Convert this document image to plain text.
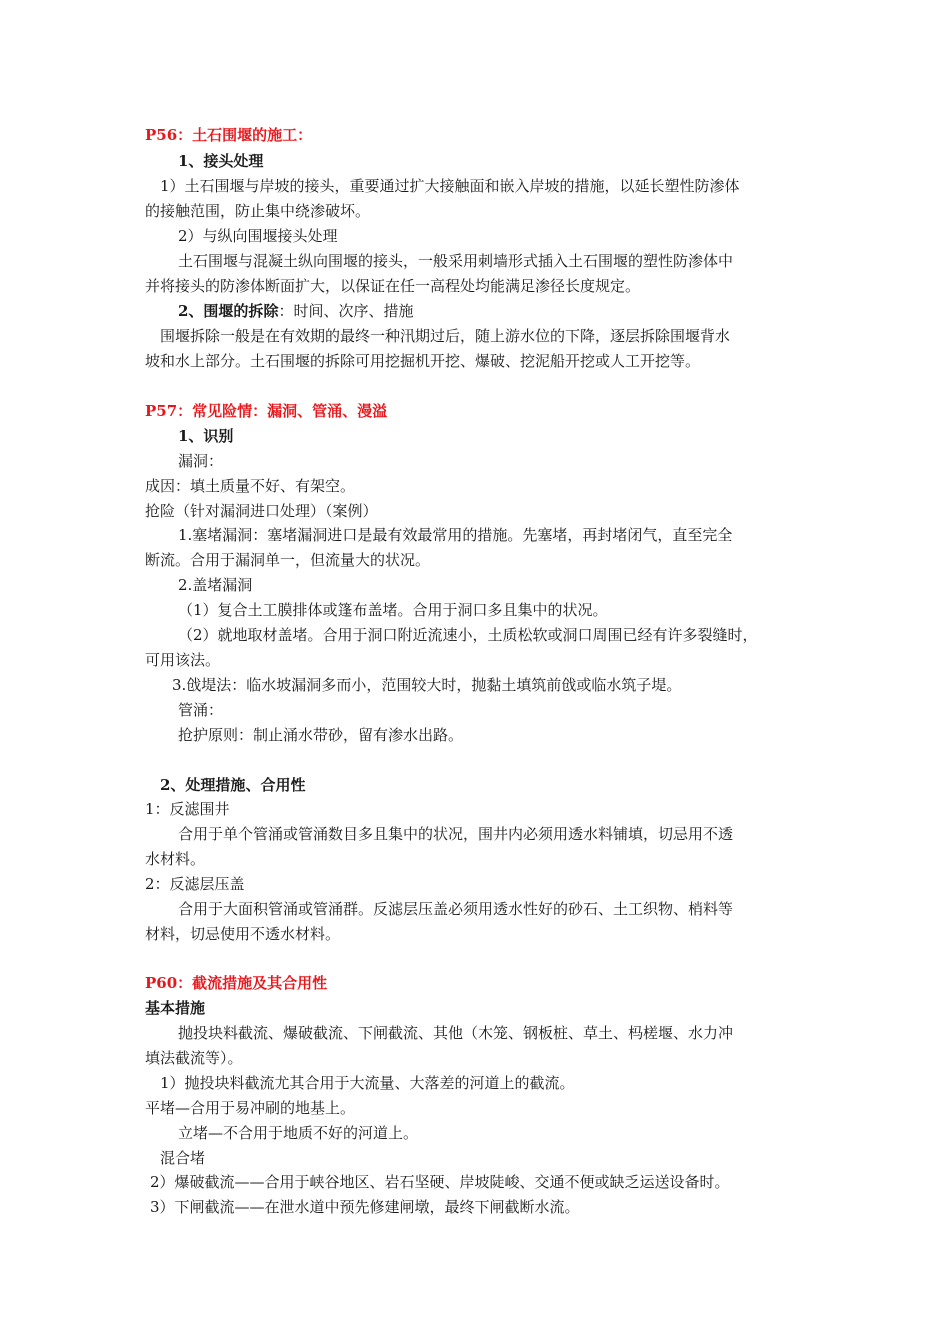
P56：土石围堰的施工：
1、接头处理
1）土石围堰与岸坡的接头，重要通过扩大接触面和嵌入岸坡的措施，以延长塑性防渗体
的接触范围，防止集中绕渗破坏。
2）与纵向围堰接头处理
土石围堰与混凝土纵向围堰的接头，一般采用刺墙形式插入土石围堰的塑性防渗体中
并将接头的防渗体断面扩大，以保证在任一高程处均能满足渗径长度规定。
2、围堰的拆除：时间、次序、措施
围堰拆除一般是在有效期的最终一种汛期过后，随上游水位的下降，逐层拆除围堰背水
坡和水上部分。土石围堰的拆除可用挖掘机开挖、爆破、挖泥船开挖或人工开挖等。
P57：常见险情：漏洞、管涌、漫溢
1、识别
漏洞：
成因：填土质量不好、有架空。
抢险（针对漏洞进口处理）（案例）
1.塞堵漏洞：塞堵漏洞进口是最有效最常用的措施。先塞堵，再封堵闭气，直至完全
断流。合用于漏洞单一，但流量大的状况。
2.盖堵漏洞
（1）复合土工膜排体或篷布盖堵。合用于洞口多且集中的状况。
（2）就地取材盖堵。合用于洞口附近流速小，土质松软或洞口周围已经有许多裂缝时，
可用该法。
3.戗堤法：临水坡漏洞多而小，范围较大时，抛黏土填筑前戗或临水筑子堤。
管涌：
抢护原则：制止涌水带砂，留有渗水出路。
2、处理措施、合用性
1：反滤围井
合用于单个管涌或管涌数目多且集中的状况，围井内必须用透水料铺填，切忌用不透
水材料。
2：反滤层压盖
合用于大面积管涌或管涌群。反滤层压盖必须用透水性好的砂石、土工织物、梢料等
材料，切忌使用不透水材料。
P60：截流措施及其合用性
基本措施
抛投块料截流、爆破截流、下闸截流、其他（木笼、钢板桩、草土、杩槎堰、水力冲
填法截流等）。
1）抛投块料截流尤其合用于大流量、大落差的河道上的截流。
平堵—合用于易冲刷的地基上。
立堵—不合用于地质不好的河道上。
混合堵
2）爆破截流——合用于峡谷地区、岩石坚硬、岸坡陡峻、交通不便或缺乏运送设备时。
3）下闸截流——在泄水道中预先修建闸墩，最终下闸截断水流。
